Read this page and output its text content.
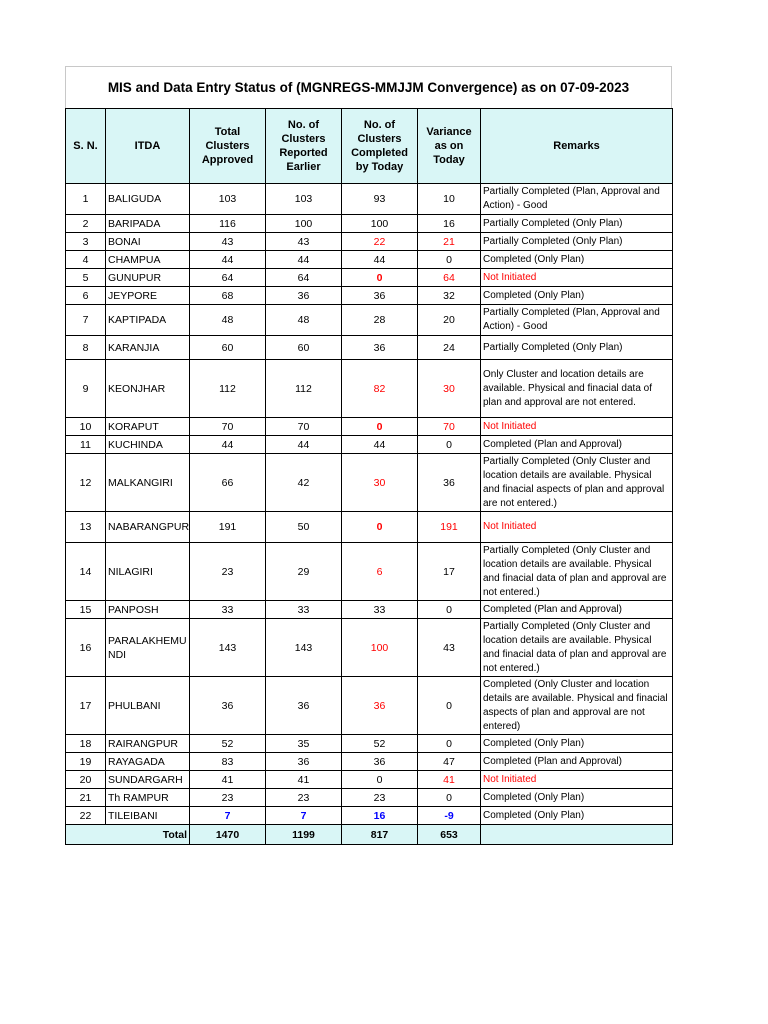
MIS and Data Entry Status of (MGNREGS-MMJJM Convergence) as on 07-09-2023
S. N.	ITDA	Total Clusters Approved	No. of Clusters Reported Earlier	No. of Clusters Completed by Today	Variance as on Today	Remarks
1	BALIGUDA	103	103	93	10	Partially Completed (Plan, Approval and Action) - Good
2	BARIPADA	116	100	100	16	Partially Completed (Only Plan)
3	BONAI	43	43	22	21	Partially Completed (Only Plan)
4	CHAMPUA	44	44	44	0	Completed (Only Plan)
5	GUNUPUR	64	64	0	64	Not Initiated
6	JEYPORE	68	36	36	32	Completed (Only Plan)
7	KAPTIPADA	48	48	28	20	Partially Completed (Plan, Approval and Action) - Good
8	KARANJIA	60	60	36	24	Partially Completed (Only Plan)
9	KEONJHAR	112	112	82	30	Only Cluster and location details are available. Physical and finacial data of plan and approval are not entered.
10	KORAPUT	70	70	0	70	Not Initiated
11	KUCHINDA	44	44	44	0	Completed (Plan and Approval)
12	MALKANGIRI	66	42	30	36	Partially Completed (Only Cluster and location details are available. Physical and finacial aspects of plan and approval are not entered.)
13	NABARANGPUR	191	50	0	191	Not Initiated
14	NILAGIRI	23	29	6	17	Partially Completed (Only Cluster and location details are available. Physical and finacial data of plan and approval are not entered.)
15	PANPOSH	33	33	33	0	Completed (Plan and Approval)
16	PARALAKHEMUNDI	143	143	100	43	Partially Completed (Only Cluster and location details are available. Physical and finacial data of plan and approval are not entered.)
17	PHULBANI	36	36	36	0	Completed (Only Cluster and location details are available. Physical and finacial aspects of plan and approval are not entered)
18	RAIRANGPUR	52	35	52	0	Completed (Only Plan)
19	RAYAGADA	83	36	36	47	Completed (Plan and Approval)
20	SUNDARGARH	41	41	0	41	Not Initiated
21	Th RAMPUR	23	23	23	0	Completed (Only Plan)
22	TILEIBANI	7	7	16	-9	Completed (Only Plan)
Total		1470	1199	817	653	
